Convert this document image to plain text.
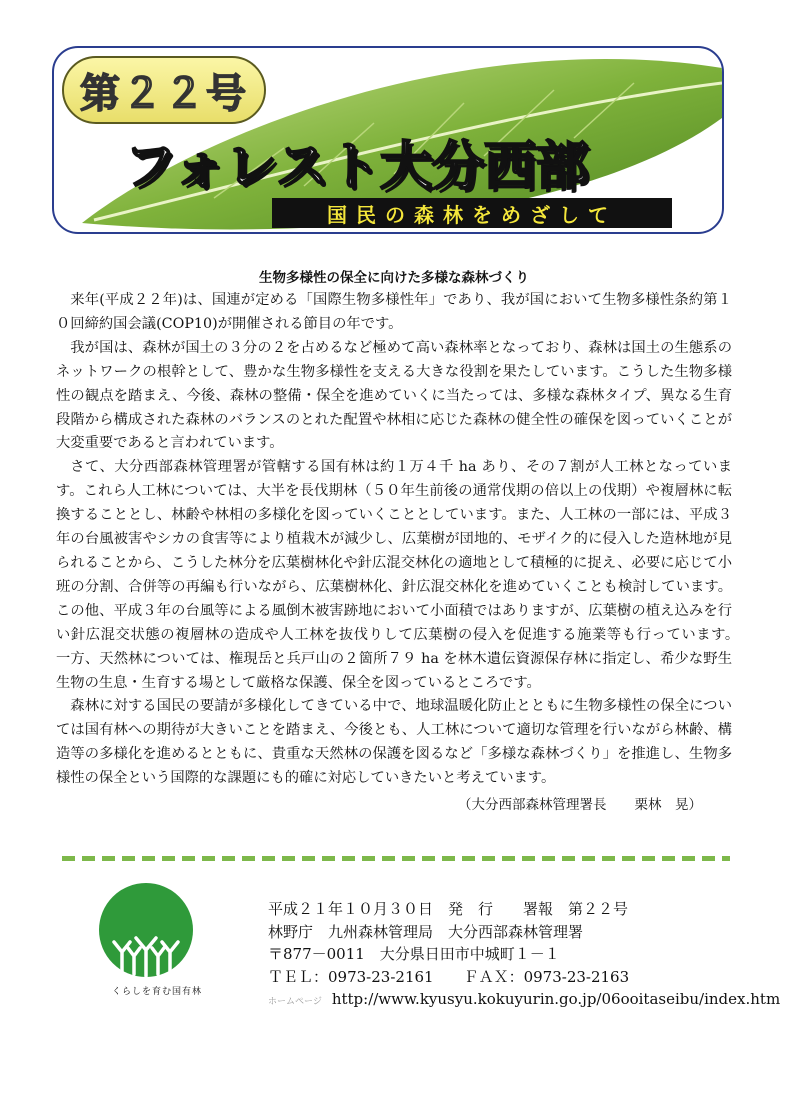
第２２号
フォレスト大分西部
国民の森林をめざして

生物多様性の保全に向けた多様な森林づくり

来年(平成２２年)は、国連が定める「国際生物多様性年」であり、我が国において生物多様性条約第１０回締約国会議(COP10)が開催される節目の年です。

我が国は、森林が国土の３分の２を占めるなど極めて高い森林率となっており、森林は国土の生態系のネットワークの根幹として、豊かな生物多様性を支える大きな役割を果たしています。こうした生物多様性の観点を踏まえ、今後、森林の整備・保全を進めていくに当たっては、多様な森林タイプ、異なる生育段階から構成された森林のバランスのとれた配置や林相に応じた森林の健全性の確保を図っていくことが大変重要であると言われています。

さて、大分西部森林管理署が管轄する国有林は約１万４千 ha あり、その７割が人工林となっています。これら人工林については、大半を長伐期林（５０年生前後の通常伐期の倍以上の伐期）や複層林に転換することとし、林齢や林相の多様化を図っていくこととしています。また、人工林の一部には、平成３年の台風被害やシカの食害等により植栽木が減少し、広葉樹が団地的、モザイク的に侵入した造林地が見られることから、こうした林分を広葉樹林化や針広混交林化の適地として積極的に捉え、必要に応じて小班の分割、合併等の再編も行いながら、広葉樹林化、針広混交林化を進めていくことも検討しています。この他、平成３年の台風等による風倒木被害跡地において小面積ではありますが、広葉樹の植え込みを行い針広混交状態の複層林の造成や人工林を抜伐りして広葉樹の侵入を促進する施業等も行っています。　一方、天然林については、権現岳と兵戸山の２箇所７９ ha を林木遺伝資源保存林に指定し、希少な野生生物の生息・生育する場として厳格な保護、保全を図っているところです。

森林に対する国民の要請が多様化してきている中で、地球温暖化防止とともに生物多様性の保全については国有林への期待が大きいことを踏まえ、今後とも、人工林について適切な管理を行いながら林齢、構造等の多様化を進めるとともに、貴重な天然林の保護を図るなど「多様な森林づくり」を推進し、生物多様性の保全という国際的な課題にも的確に対応していきたいと考えています。

（大分西部森林管理署長 栗林　晃）
くらしを育む国有林
平成２１年１０月３０日　発　行　　署報　第２２号
林野庁　九州森林管理局　大分西部森林管理署
〒877－0011　大分県日田市中城町１－１
ＴＥＬ：0973-23-2161　　ＦＡＸ：0973-23-2163
ホームページ http://www.kyusyu.kokuyurin.go.jp/06ooitaseibu/index.htm
